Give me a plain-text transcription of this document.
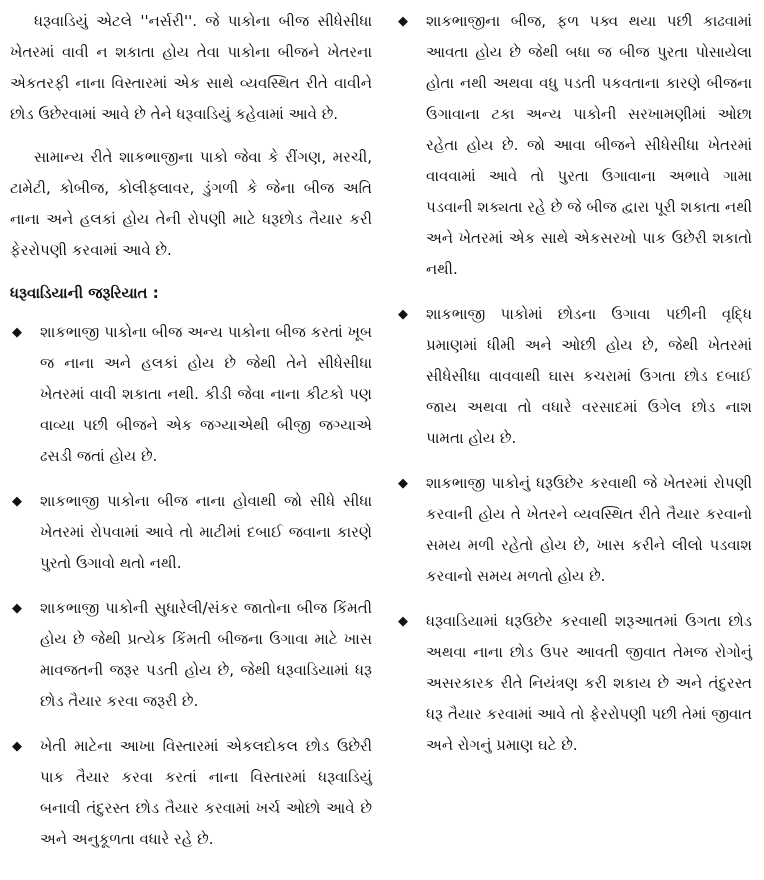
ધરૂવાડિયું એટલે ''નર્સરી''. જે પાકોના બીજ સીધેસીધા ખેતરમાં વાવી ન શકાતા હોય તેવા પાકોના બીજને ખેતરના એકતરફી નાના વિસ્તારમાં એક સાથે વ્યવસ્થિત રીતે વાવીને છોડ ઉછેરવામાં આવે છે તેને ધરૂવાડિયું કહેવામાં આવે છે.

સામાન્ય રીતે શાકભાજીના પાકો જેવા કે રીંગણ, મરચી, ટામેટી, કોબીજ, કોલીફ્લાવર, ડુંગળી કે જેના બીજ અતિ નાના અને હલકાં હોય તેની રોપણી માટે ધરૂછોડ તૈયાર કરી ફેરરોપણી કરવામાં આવે છે.

ધરૂવાડિયાની જરૂરિયાત :

◆ શાકભાજી પાકોના બીજ અન્ય પાકોના બીજ કરતાં ખૂબ જ નાના અને હલકાં હોય છે જેથી તેને સીધેસીધા ખેતરમાં વાવી શકાતા નથી. કીડી જેવા નાના કીટકો પણ વાવ્યા પછી બીજને એક જગ્યાએથી બીજી જગ્યાએ ઢસડી જતાં હોય છે.
◆ શાકભાજી પાકોના બીજ નાના હોવાથી જો સીધે સીધા ખેતરમાં રોપવામાં આવે તો માટીમાં દબાઈ જવાના કારણે પુરતો ઉગાવો થતો નથી.
◆ શાકભાજી પાકોની સુધારેલી/સંકર જાતોના બીજ કિંમતી હોય છે જેથી પ્રત્યેક કિંમતી બીજના ઉગાવા માટે ખાસ માવજતની જરૂર પડતી હોય છે, જેથી ધરૂવાડિયામાં ધરૂ છોડ તૈયાર કરવા જરૂરી છે.
◆ ખેતી માટેના આખા વિસ્તારમાં એકલદોકલ છોડ ઉછેરી પાક તૈયાર કરવા કરતાં નાના વિસ્તારમાં ધરૂવાડિયું બનાવી તંદુરસ્ત છોડ તૈયાર કરવામાં ખર્ચ ઓછો આવે છે અને અનુકૂળતા વધારે રહે છે.
◆ શાકભાજીના બીજ, ફળ પક્વ થયા પછી કાઢવામાં આવતા હોય છે જેથી બધા જ બીજ પુરતા પોસાયેલા હોતા નથી અથવા વધુ પડતી પકવતાના કારણે બીજના ઉગાવાના ટકા અન્ય પાકોની સરખામણીમાં ઓછા રહેતા હોય છે. જો આવા બીજને સીધેસીધા ખેતરમાં વાવવામાં આવે તો પુરતા ઉગાવાના અભાવે ગામા પડવાની શક્યતા રહે છે જે બીજ દ્વારા પૂરી શકાતા નથી અને ખેતરમાં એક સાથે એકસરખો પાક ઉછેરી શકાતો નથી.
◆ શાકભાજી પાકોમાં છોડના ઉગાવા પછીની વૃદ્ધિ પ્રમાણમાં ધીમી અને ઓછી હોય છે, જેથી ખેતરમાં સીધેસીધા વાવવાથી ઘાસ કચરામાં ઉગતા છોડ દબાઈ જાય અથવા તો વધારે વરસાદમાં ઉગેલ છોડ નાશ પામતા હોય છે.
◆ શાકભાજી પાકોનું ધરૂઉછેર કરવાથી જે ખેતરમાં રોપણી કરવાની હોય તે ખેતરને વ્યવસ્થિત રીતે તૈયાર કરવાનો સમય મળી રહેતો હોય છે, ખાસ કરીને લીલો પડવાશ કરવાનો સમય મળતો હોય છે.
◆ ધરૂવાડિયામાં ધરૂઉછેર કરવાથી શરૂઆતમાં ઉગતા છોડ અથવા નાના છોડ ઉપર આવતી જીવાત તેમજ રોગોનું અસરકારક રીતે નિયંત્રણ કરી શકાય છે અને તંદુરસ્ત ધરૂ તૈયાર કરવામાં આવે તો ફેરરોપણી પછી તેમાં જીવાત અને રોગનું પ્રમાણ ઘટે છે.
